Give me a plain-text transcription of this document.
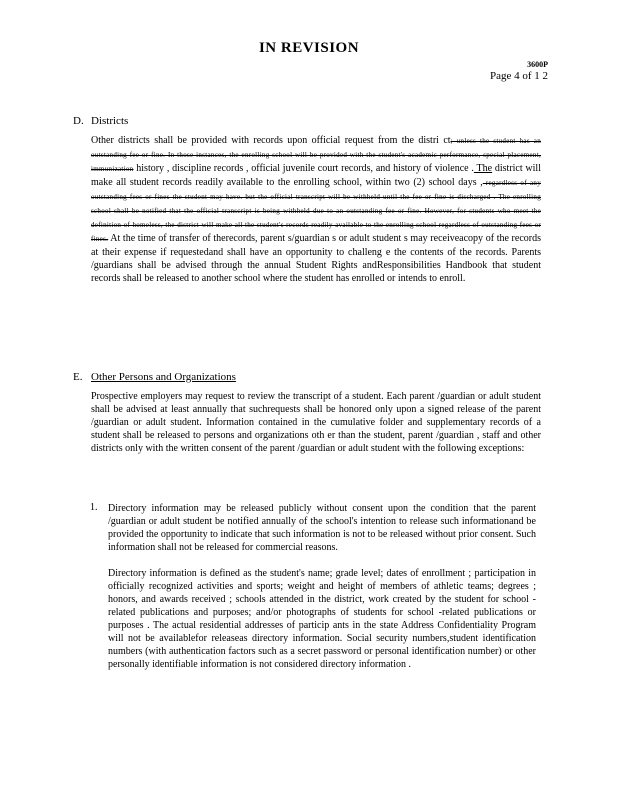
IN REVISION
3600P
Page 4 of 1 2
D. Districts

Other districts shall be provided with records upon official request from the distri ct; unless the student has an outstanding fee or fine. In those instances, the enrolling school will be provided with the student's academic performance, special placement, immunization history , discipline records , official juvenile court records, and history of violence . The district will make all student records readily available to the enrolling school, within two (2) school days , regardless of any outstanding fees or fines the student may have. but the official transcript will be withheld until the fee or fine is discharged . The enrolling school shall be notified that the official transcript is being withheld due to an outstanding fee or fine. However, for students who meet the definition of homeless, the district will make all the student's records readily available to the enrolling school regardless of outstanding fees or fines. At the time of transfer of therecords, parent s/guardian s or adult student s may receiveacopy of the records at their expense if requestedand shall have an opportunity to challeng e the contents of the records. Parents /guardians shall be advised through the annual Student Rights andResponsibilities Handbook that student records shall be released to another school where the student has enrolled or intends to enroll.

E. Other Persons and Organizations

Prospective employers may request to review the transcript of a student. Each parent /guardian or adult student shall be advised at least annually that suchrequests shall be honored only upon a signed release of the parent /guardian or adult student. Information contained in the cumulative folder and supplementary records of a student shall be released to persons and organizations oth er than the student, parent /guardian , staff and other districts only with the written consent of the parent /guardian or adult student with the following exceptions:

1. Directory information may be released publicly without consent upon the condition that the parent /guardian or adult student be notified annually of the school's intention to release such informationand be provided the opportunity to indicate that such information is not to be released without prior consent. Such information shall not be released for commercial reasons.

Directory information is defined as the student's name; grade level; dates of enrollment ; participation in officially recognized activities and sports; weight and height of members of athletic teams; degrees ; honors, and awards received ; schools attended in the district, work created by the student for school -related publications and purposes; and/or photographs of students for school -related publications or purposes . The actual residential addresses of particip ants in the state Address Confidentiality Program will not be availablefor releaseas directory information. Social security numbers,student identification numbers (with authentication factors such as a secret password or personal identification number) or other personally identifiable information is not considered directory information .
